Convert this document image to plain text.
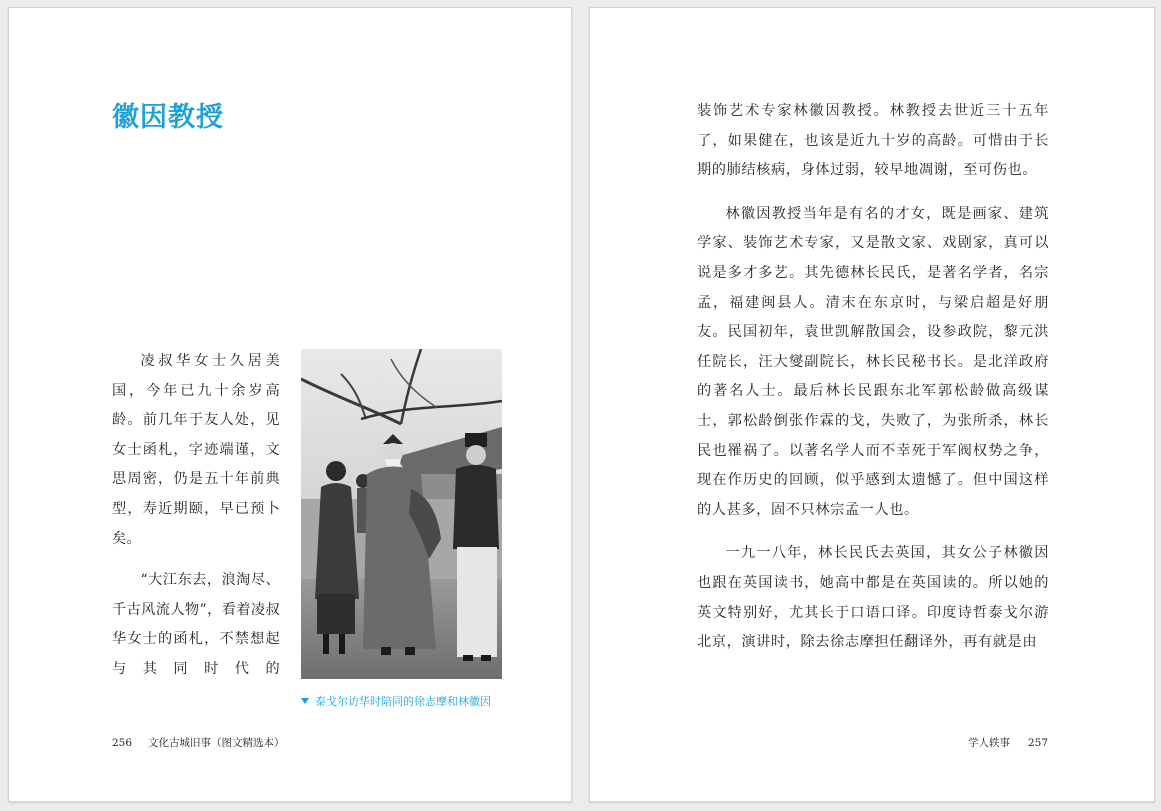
徽因教授

凌叔华女士久居美国，今年已九十余岁高龄。前几年于友人处，见女士函札，字迹端谨，文思周密，仍是五十年前典型，寿近期颐，早已预卜矣。

“大江东去，浪淘尽、千古风流人物”，看着凌叔华女士的函札，不禁想起与其同时代的

泰戈尔访华时陪同的徐志摩和林徽因
256 文化古城旧事（图文精选本）

装饰艺术专家林徽因教授。林教授去世近三十五年了，如果健在，也该是近九十岁的高龄。可惜由于长期的肺结核病，身体过弱，较早地凋谢，至可伤也。

林徽因教授当年是有名的才女，既是画家、建筑学家、装饰艺术专家，又是散文家、戏剧家，真可以说是多才多艺。其先德林长民氏，是著名学者，名宗孟，福建闽县人。清末在东京时，与梁启超是好朋友。民国初年，袁世凯解散国会，设参政院，黎元洪任院长，汪大燮副院长，林长民秘书长。是北洋政府的著名人士。最后林长民跟东北军郭松龄做高级谋士，郭松龄倒张作霖的戈，失败了，为张所杀，林长民也罹祸了。以著名学人而不幸死于军阀权势之争，现在作历史的回顾，似乎感到太遗憾了。但中国这样的人甚多，固不只林宗孟一人也。

一九一八年，林长民氏去英国，其女公子林徽因也跟在英国读书，她高中都是在英国读的。所以她的英文特别好，尤其长于口语口译。印度诗哲泰戈尔游北京，演讲时，除去徐志摩担任翻译外，再有就是由

学人轶事 257
